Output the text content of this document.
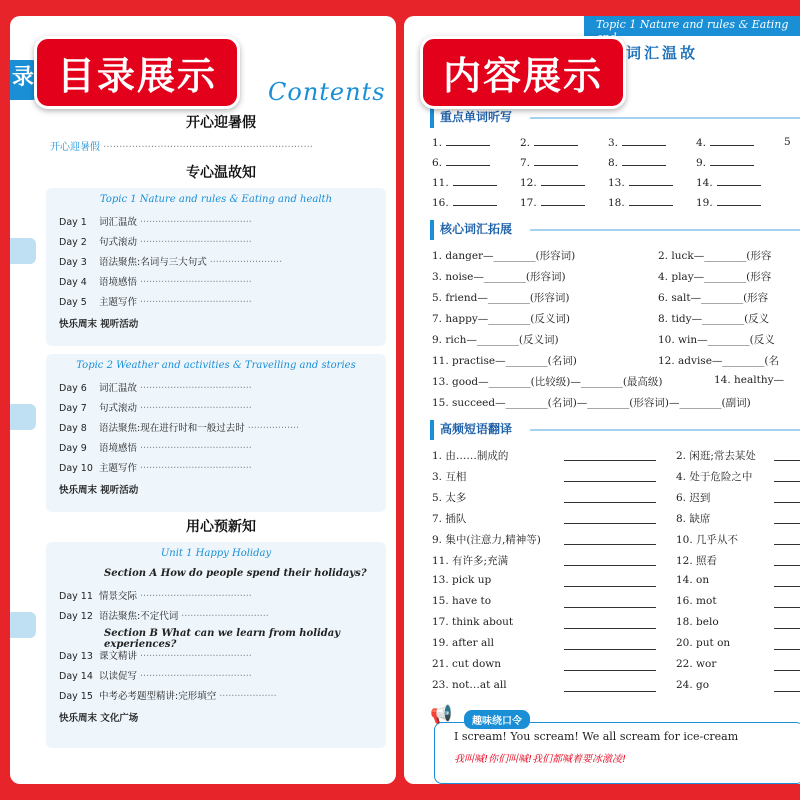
录
Contents
开心迎暑假
开心迎暑假 ··································································
专心温故知
Topic 1 Nature and rules & Eating and health
Day 1 词汇温故 ·····································
Day 2 句式滚动 ·····································
Day 3 语法聚焦:名词与三大句式 ························
Day 4 语境感悟 ·····································
Day 5 主题写作 ·····································
快乐周末 视听活动
Topic 2 Weather and activities & Travelling and stories
Day 6 词汇温故 ·····································
Day 7 句式滚动 ·····································
Day 8 语法聚焦:现在进行时和一般过去时 ·················
Day 9 语境感悟 ·····································
Day 10 主题写作 ·····································
快乐周末 视听活动
用心预新知
Unit 1 Happy Holiday
Section A How do people spend their holidays?
Day 11 情景交际 ·····································
Day 12 语法聚焦:不定代词 ·····························
Section B What can we learn from holiday experiences?
Day 13 课文精讲 ·····································
Day 14 以读促写 ·····································
Day 15 中考必考题型精讲:完形填空 ···················
快乐周末 文化广场
Topic 1 Nature and rules & Eating
词汇温故
重点单词听写
1.	2.	3.	4.	5
6.	7.	8.	9.
11.	12.	13.	14.
16.	17.	18.	19.
核心词汇拓展
1. danger—________(形容词)	2. luck—________(形容
3. noise—________(形容词)	4. play—________(形容
5. friend—________(形容词)	6. salt—________(形容
7. happy—________(反义词)	8. tidy—________(反义
9. rich—________(反义词)	10. win—________(反义
11. practise—________(名词)	12. advise—________(名
13. good—________(比较级)—________(最高级)	14. healthy—
15. succeed—________(名词)—________(形容词)—________(副词)
高频短语翻译
1. 由……制成的	2. 闲逛;常去某处
3. 互相	4. 处于危险之中
5. 太多	6. 迟到
7. 插队	8. 缺席
9. 集中(注意力,精神等)	10. 几乎从不
11. 有许多;充满	12. 照看
13. pick up	14. on
15. have to	16. mot
17. think about	18. belo
19. after all	20. put on
21. cut down	22. wor
23. not…at all	24. go
📢	趣味绕口令
I scream! You scream! We all scream for ice-cream
我叫喊!你们叫喊!我们都喊着要冰激凌!
目录展示	内容展示
